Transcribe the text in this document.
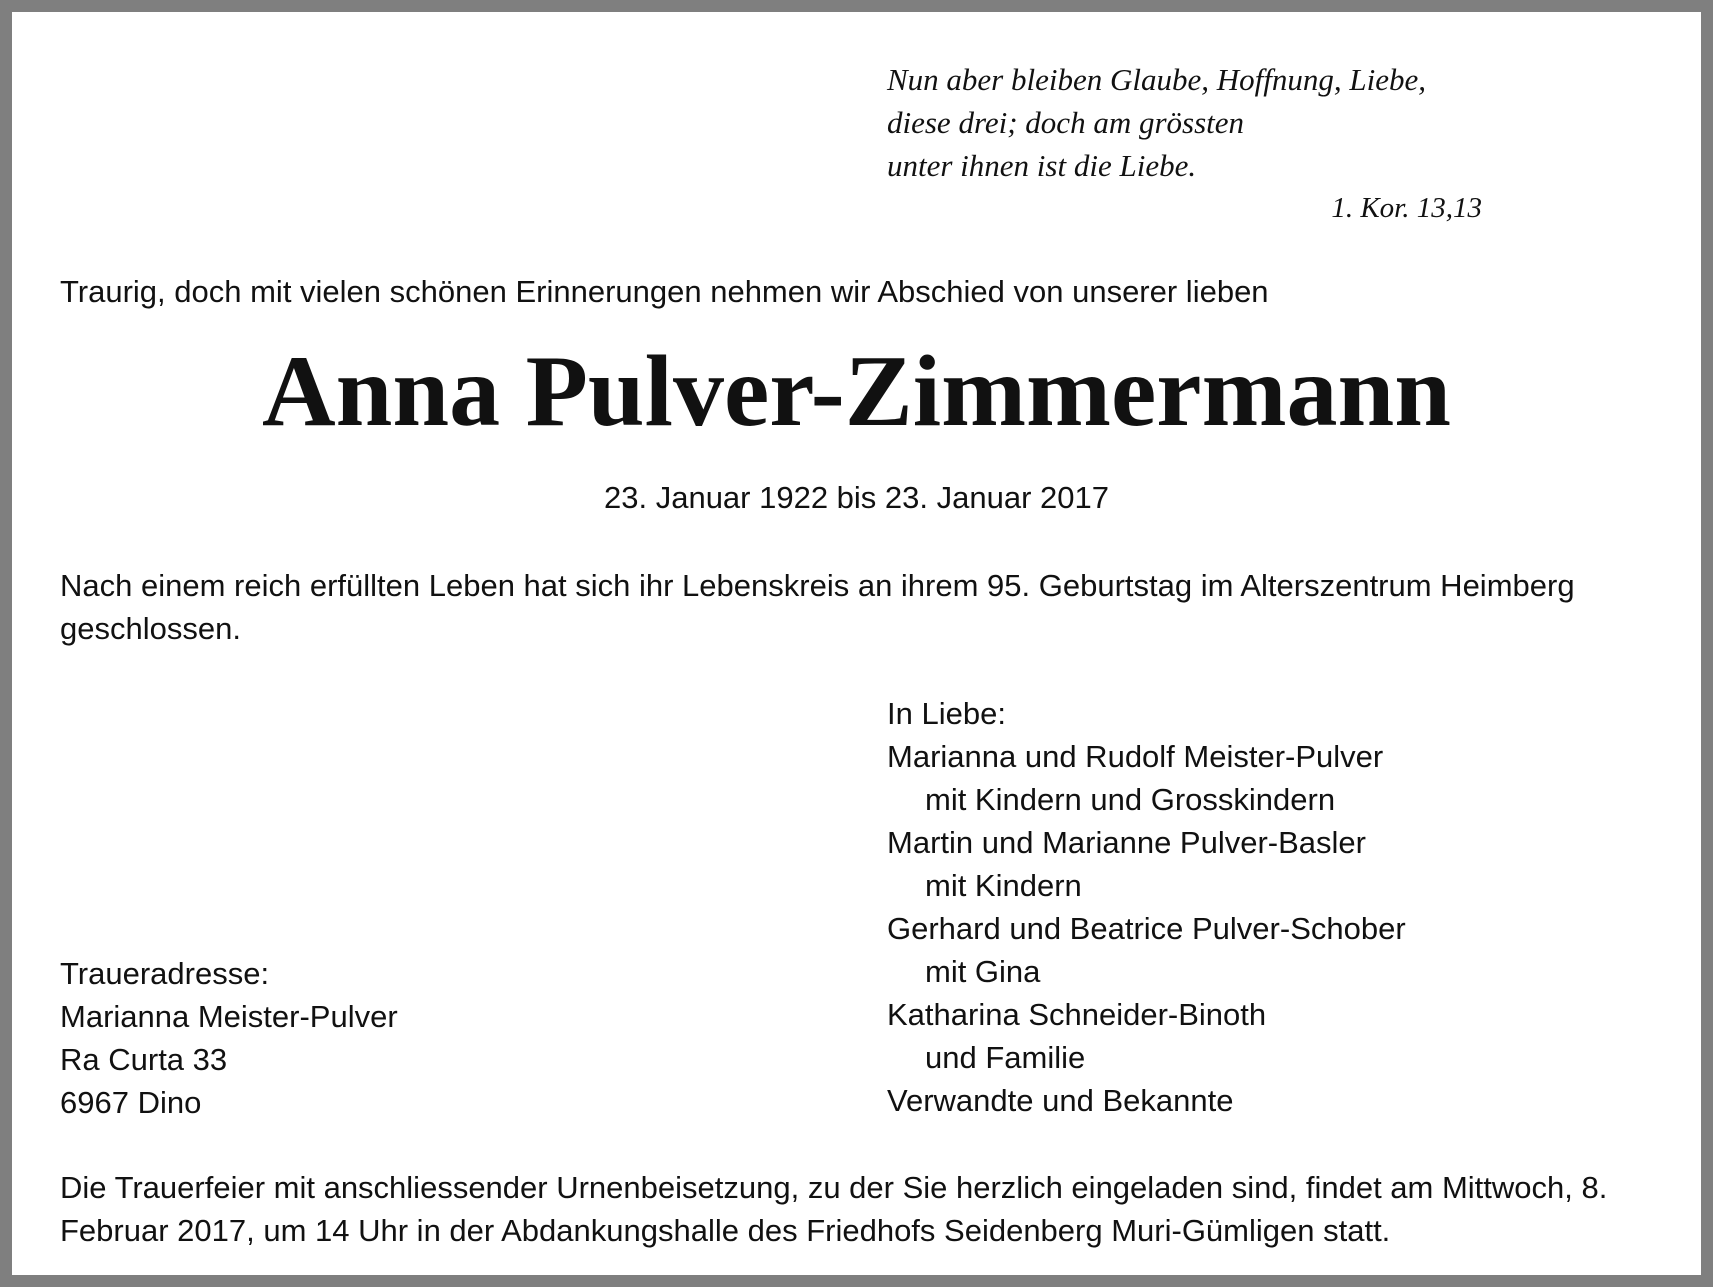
Nun aber bleiben Glaube, Hoffnung, Liebe,
diese drei; doch am grössten
unter ihnen ist die Liebe.
1. Kor. 13,13

Traurig, doch mit vielen schönen Erinnerungen nehmen wir Abschied von unserer lieben

Anna Pulver-Zimmermann

23. Januar 1922 bis 23. Januar 2017

Nach einem reich erfüllten Leben hat sich ihr Lebenskreis an ihrem 95. Geburtstag im Alterszentrum Heimberg geschlossen.

In Liebe:
Marianna und Rudolf Meister-Pulver
mit Kindern und Grosskindern
Martin und Marianne Pulver-Basler
mit Kindern
Gerhard und Beatrice Pulver-Schober
mit Gina
Katharina Schneider-Binoth
und Familie
Verwandte und Bekannte
Traueradresse:
Marianna Meister-Pulver
Ra Curta 33
6967 Dino

Die Trauerfeier mit anschliessender Urnenbeisetzung, zu der Sie herzlich eingeladen sind, findet am Mittwoch, 8. Februar 2017, um 14 Uhr in der Abdankungshalle des Friedhofs Seidenberg Muri-Gümligen statt.
